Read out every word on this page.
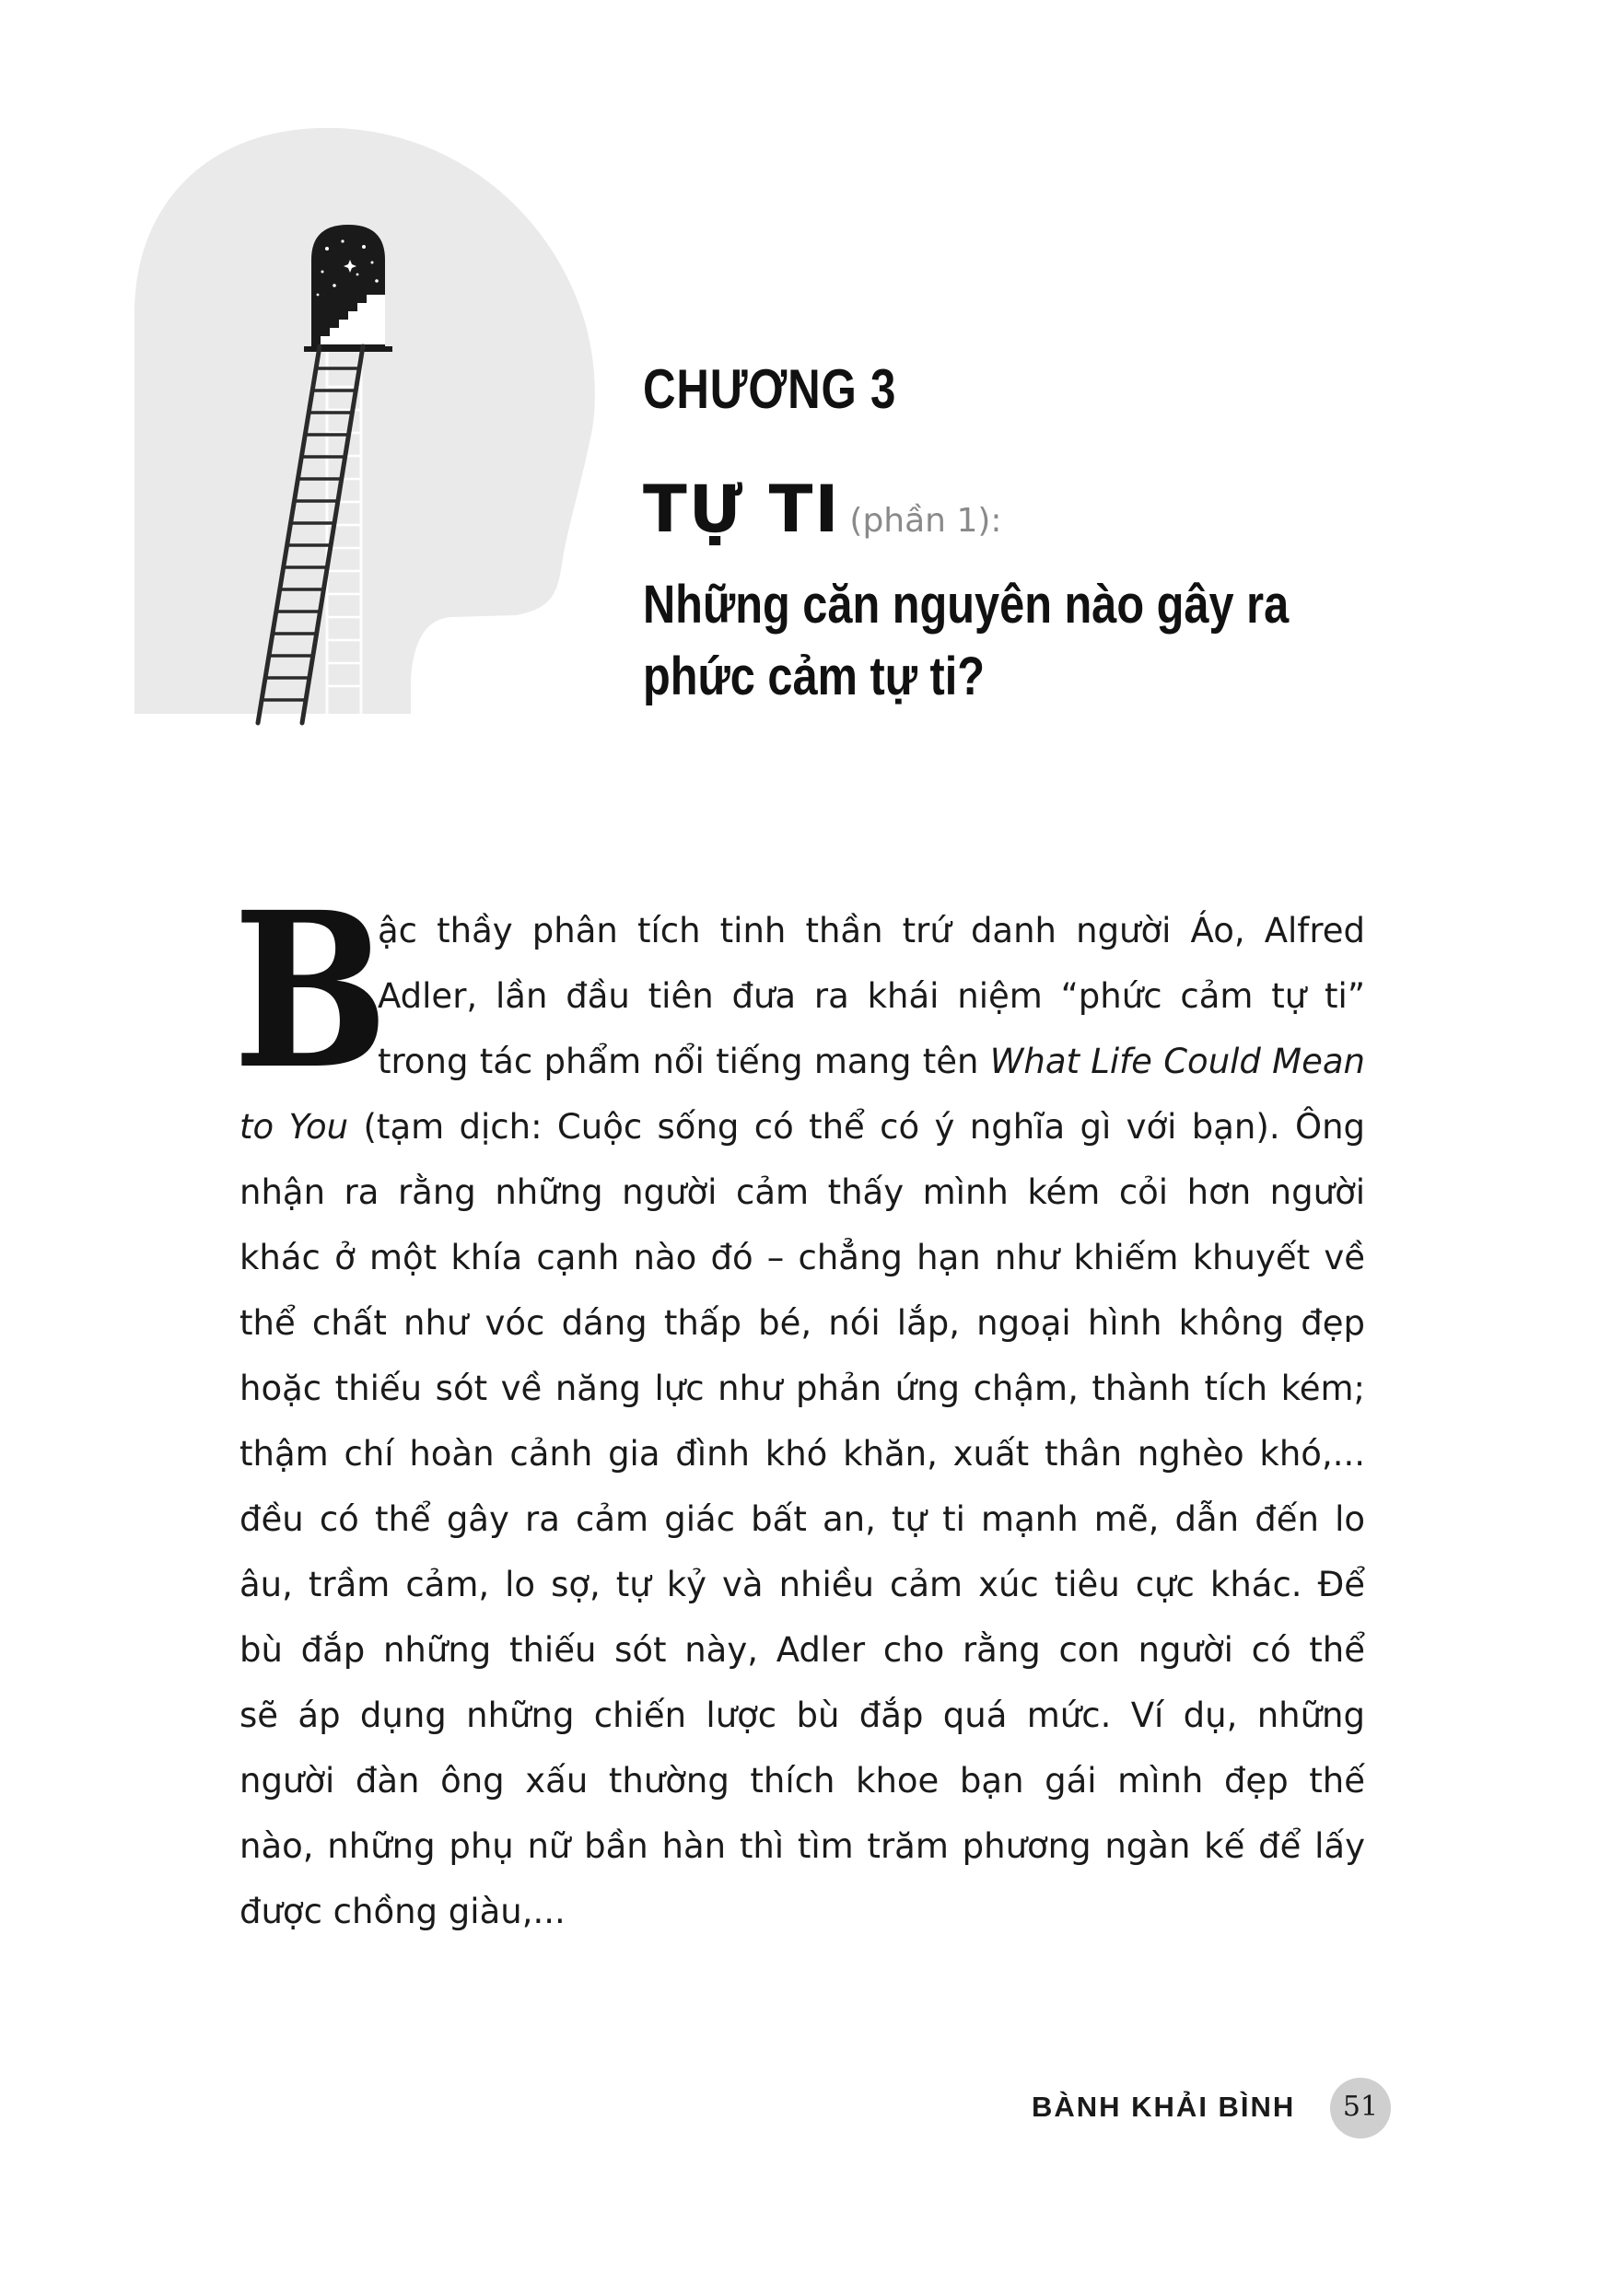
CHƯƠNG 3
TỰ TI (phần 1):
Những căn nguyên nào gây ra
phức cảm tự ti?
B
ậc thầy phân tích tinh thần trứ danh người Áo, Alfred
Adler, lần đầu tiên đưa ra khái niệm “phức cảm tự ti”
trong tác phẩm nổi tiếng mang tên What Life Could Mean
to You (tạm dịch: Cuộc sống có thể có ý nghĩa gì với bạn). Ông
nhận ra rằng những người cảm thấy mình kém cỏi hơn người
khác ở một khía cạnh nào đó – chẳng hạn như khiếm khuyết về
thể chất như vóc dáng thấp bé, nói lắp, ngoại hình không đẹp
hoặc thiếu sót về năng lực như phản ứng chậm, thành tích kém;
thậm chí hoàn cảnh gia đình khó khăn, xuất thân nghèo khó,...
đều có thể gây ra cảm giác bất an, tự ti mạnh mẽ, dẫn đến lo
âu, trầm cảm, lo sợ, tự kỷ và nhiều cảm xúc tiêu cực khác. Để
bù đắp những thiếu sót này, Adler cho rằng con người có thể
sẽ áp dụng những chiến lược bù đắp quá mức. Ví dụ, những
người đàn ông xấu thường thích khoe bạn gái mình đẹp thế
nào, những phụ nữ bần hàn thì tìm trăm phương ngàn kế để lấy
được chồng giàu,...
BÀNH KHẢI BÌNH	51
